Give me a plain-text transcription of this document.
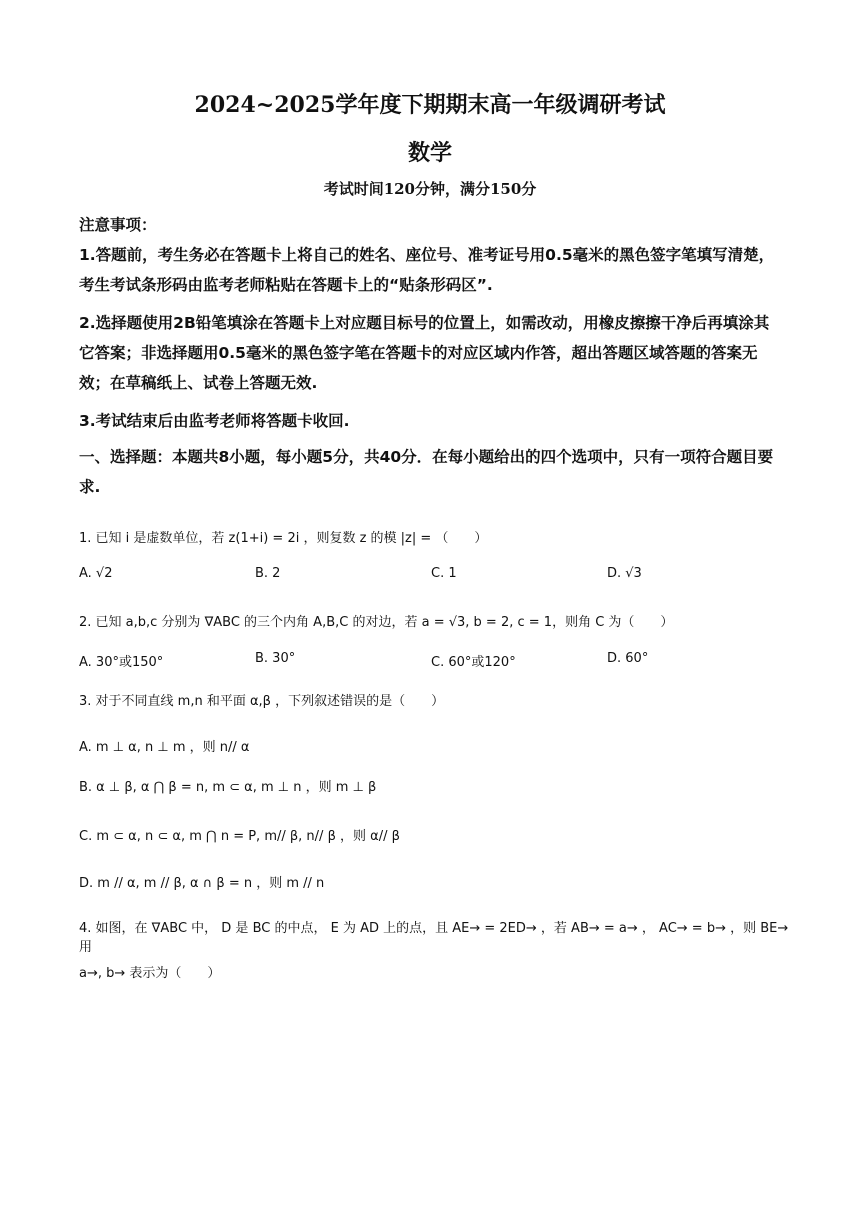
2024~2025学年度下期期末高一年级调研考试
数学
考试时间120分钟，满分150分
注意事项：
1.答题前，考生务必在答题卡上将自己的姓名、座位号、准考证号用0.5毫米的黑色签字笔填写清楚，考生考试条形码由监考老师粘贴在答题卡上的“贴条形码区”.
2.选择题使用2B铅笔填涂在答题卡上对应题目标号的位置上，如需改动，用橡皮擦擦干净后再填涂其它答案；非选择题用0.5毫米的黑色签字笔在答题卡的对应区域内作答，超出答题区域答题的答案无效；在草稿纸上、试卷上答题无效.
3.考试结束后由监考老师将答题卡收回.
一、选择题：本题共8小题，每小题5分，共40分．在每小题给出的四个选项中，只有一项符合题目要求.
1. 已知 i 是虚数单位，若 z(1+i) = 2i ，则复数 z 的模 |z| = （　　）
A. √2	B. 2	C. 1	D. √3
2. 已知 a,b,c 分别为 ∇ABC 的三个内角 A,B,C 的对边，若 a = √3, b = 2, c = 1，则角 C 为（　　）
A. 30°或150°	B. 30°	C. 60°或120°	D. 60°
3. 对于不同直线 m,n 和平面 α,β ，下列叙述错误的是（　　）
A. m ⊥ α, n ⊥ m ，则 n// α
B. α ⊥ β, α ⋂ β = n, m ⊂ α, m ⊥ n ，则 m ⊥ β
C. m ⊂ α, n ⊂ α, m ⋂ n = P, m// β, n// β ，则 α// β
D. m // α, m // β, α ∩ β = n ，则 m // n
4. 如图，在 ∇ABC 中， D 是 BC 的中点， E 为 AD 上的点，且 AE→ = 2ED→ ，若 AB→ = a→ ， AC→ = b→ ，则 BE→ 用
a→, b→ 表示为（　　）
